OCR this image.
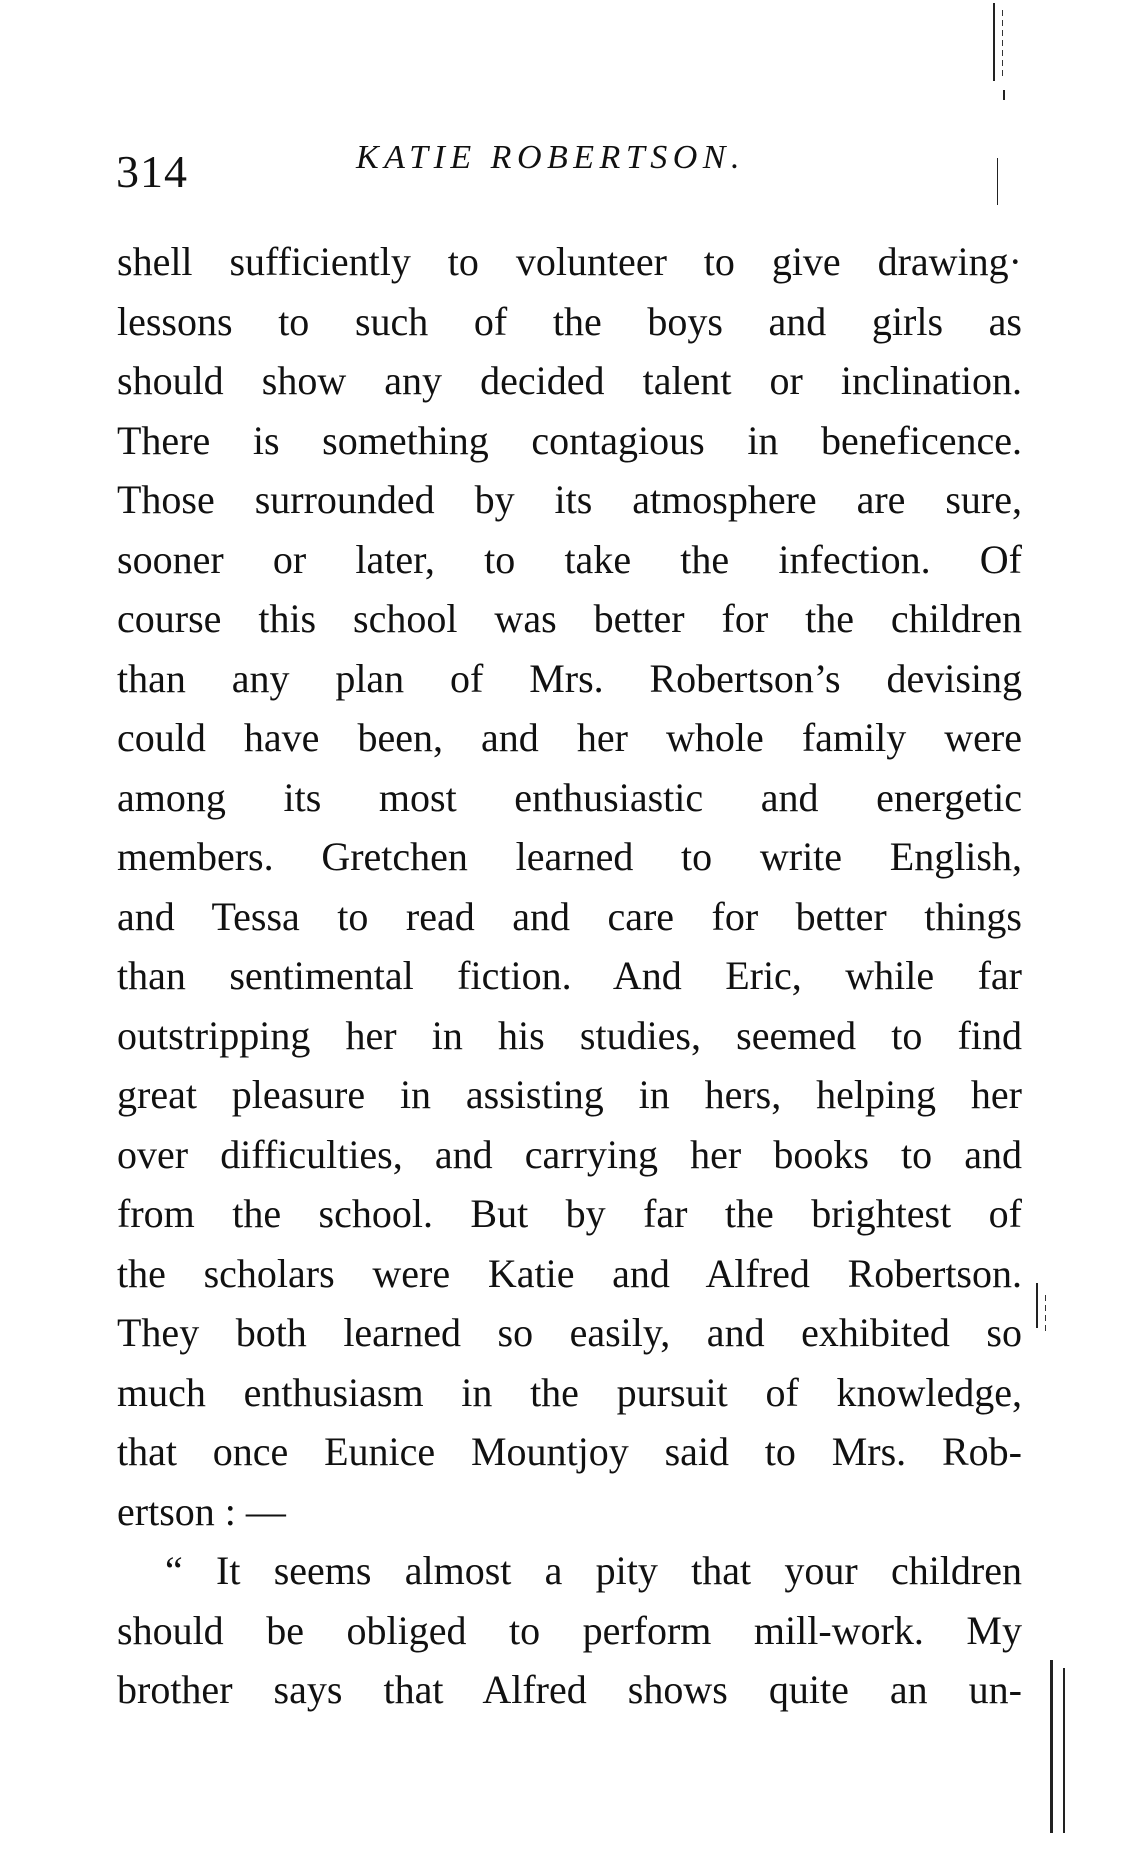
314	KATIE ROBERTSON.
shell sufficiently to volunteer to give drawing·
lessons to such of the boys and girls as
should show any decided talent or inclination.
There is something contagious in beneficence.
Those surrounded by its atmosphere are sure,
sooner or later, to take the infection. Of
course this school was better for the children
than any plan of Mrs. Robertson’s devising
could have been, and her whole family were
among its most enthusiastic and energetic
members. Gretchen learned to write English,
and Tessa to read and care for better things
than sentimental fiction. And Eric, while far
outstripping her in his studies, seemed to find
great pleasure in assisting in hers, helping her
over difficulties, and carrying her books to and
from the school. But by far the brightest of
the scholars were Katie and Alfred Robertson.
They both learned so easily, and exhibited so
much enthusiasm in the pursuit of knowledge,
that once Eunice Mountjoy said to Mrs. Rob-
ertson : —
“ It seems almost a pity that your children
should be obliged to perform mill-work. My
brother says that Alfred shows quite an un-
